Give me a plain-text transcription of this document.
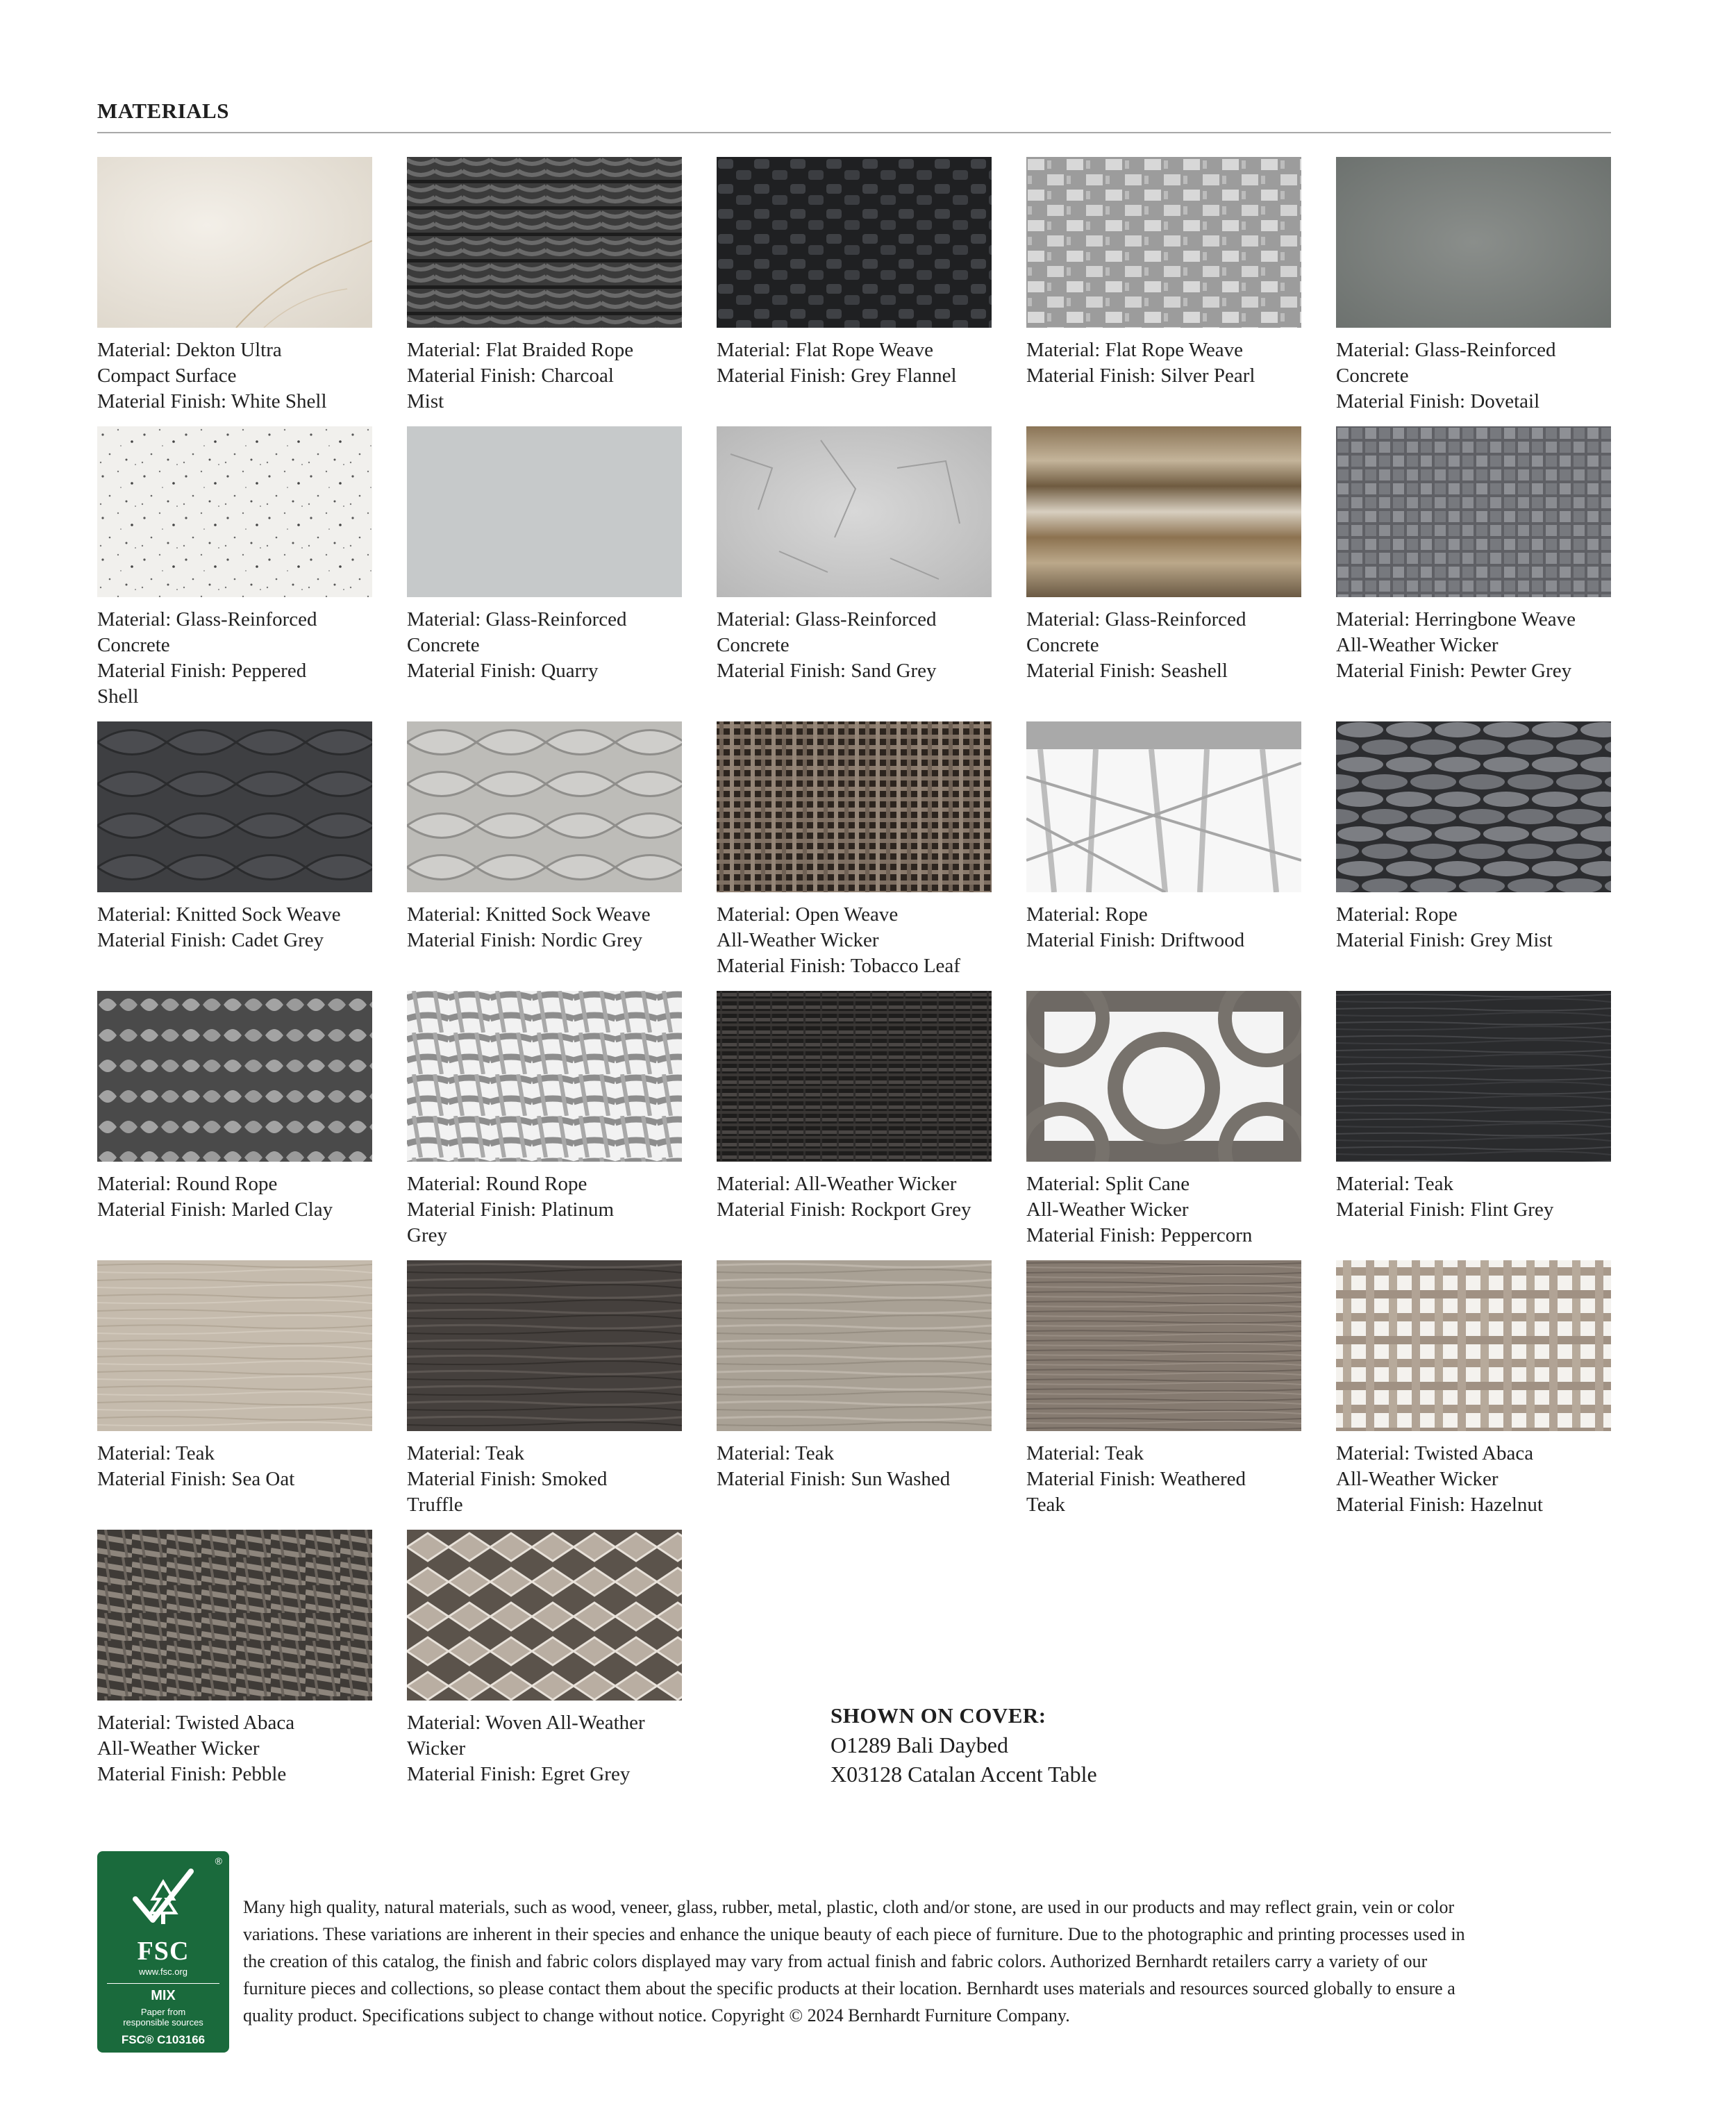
MATERIALS
Material: Dekton Ultra
Compact Surface
Material Finish: White Shell
Material: Flat Braided Rope
Material Finish: Charcoal
Mist
Material: Flat Rope Weave
Material Finish: Grey Flannel
Material: Flat Rope Weave
Material Finish: Silver Pearl
Material: Glass-Reinforced
Concrete
Material Finish: Dovetail
Material: Glass-Reinforced
Concrete
Material Finish: Peppered
Shell
Material: Glass-Reinforced
Concrete
Material Finish: Quarry
Material: Glass-Reinforced
Concrete
Material Finish: Sand Grey
Material: Glass-Reinforced
Concrete
Material Finish: Seashell
Material: Herringbone Weave
All-Weather Wicker
Material Finish: Pewter Grey
Material: Knitted Sock Weave
Material Finish: Cadet Grey
Material: Knitted Sock Weave
Material Finish: Nordic Grey
Material: Open Weave
All-Weather Wicker
Material Finish: Tobacco Leaf
Material: Rope
Material Finish: Driftwood
Material: Rope
Material Finish: Grey Mist
Material: Round Rope
Material Finish: Marled Clay
Material: Round Rope
Material Finish: Platinum
Grey
Material: All-Weather Wicker
Material Finish: Rockport Grey
Material: Split Cane
All-Weather Wicker
Material Finish: Peppercorn
Material: Teak
Material Finish: Flint Grey
Material: Teak
Material Finish: Sea Oat
Material: Teak
Material Finish: Smoked
Truffle
Material: Teak
Material Finish: Sun Washed
Material: Teak
Material Finish: Weathered
Teak
Material: Twisted Abaca
All-Weather Wicker
Material Finish: Hazelnut
Material: Twisted Abaca
All-Weather Wicker
Material Finish: Pebble
Material: Woven All-Weather
Wicker
Material Finish: Egret Grey
SHOWN ON COVER:
O1289 Bali Daybed
X03128 Catalan Accent Table
®
FSC
www.fsc.org
MIX
Paper from
responsible sources
FSC® C103166
Many high quality, natural materials, such as wood, veneer, glass, rubber, metal, plastic, cloth and/or stone, are used in our products and may reflect grain, vein or color variations. These variations are inherent in their species and enhance the unique beauty of each piece of furniture. Due to the photographic and printing processes used in the creation of this catalog, the finish and fabric colors displayed may vary from actual finish and fabric colors. Authorized Bernhardt retailers carry a variety of our furniture pieces and collections, so please contact them about the specific products at their location. Bernhardt uses materials and resources sourced globally to ensure a quality product. Specifications subject to change without notice. Copyright © 2024 Bernhardt Furniture Company.
